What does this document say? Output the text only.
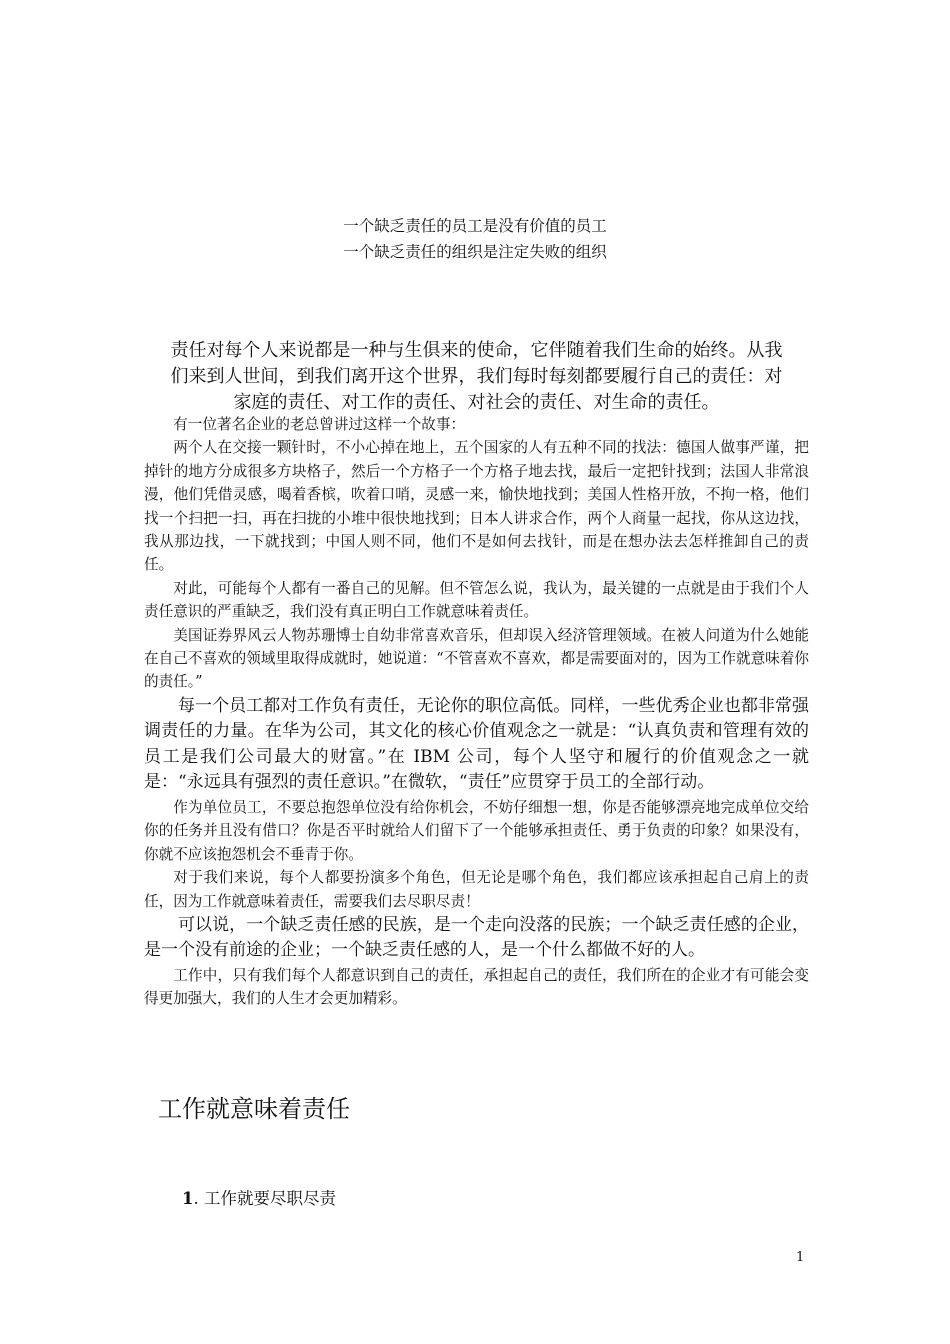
一个缺乏责任的员工是没有价值的员工
一个缺乏责任的组织是注定失败的组织
责任对每个人来说都是一种与生俱来的使命，它伴随着我们生命的始终。从我
们来到人世间，到我们离开这个世界，我们每时每刻都要履行自己的责任：对
家庭的责任、对工作的责任、对社会的责任、对生命的责任。

有一位著名企业的老总曾讲过这样一个故事：

两个人在交接一颗针时，不小心掉在地上，五个国家的人有五种不同的找法：德国人做事严谨，把掉针的地方分成很多方块格子，然后一个方格子一个方格子地去找，最后一定把针找到；法国人非常浪漫，他们凭借灵感，喝着香槟，吹着口哨，灵感一来，愉快地找到；美国人性格开放，不拘一格，他们找一个扫把一扫，再在扫拢的小堆中很快地找到；日本人讲求合作，两个人商量一起找，你从这边找，我从那边找，一下就找到；中国人则不同，他们不是如何去找针，而是在想办法去怎样推卸自己的责任。

对此，可能每个人都有一番自己的见解。但不管怎么说，我认为，最关键的一点就是由于我们个人责任意识的严重缺乏，我们没有真正明白工作就意味着责任。

美国证券界风云人物苏珊博士自幼非常喜欢音乐，但却误入经济管理领域。在被人问道为什么她能在自己不喜欢的领域里取得成就时，她说道：“不管喜欢不喜欢，都是需要面对的，因为工作就意味着你的责任。”

每一个员工都对工作负有责任，无论你的职位高低。同样，一些优秀企业也都非常强调责任的力量。在华为公司，其文化的核心价值观念之一就是：“认真负责和管理有效的员工是我们公司最大的财富。”在 IBM 公司，每个人坚守和履行的价值观念之一就是：“永远具有强烈的责任意识。”在微软，“责任”应贯穿于员工的全部行动。

作为单位员工，不要总抱怨单位没有给你机会，不妨仔细想一想，你是否能够漂亮地完成单位交给你的任务并且没有借口？你是否平时就给人们留下了一个能够承担责任、勇于负责的印象？如果没有，你就不应该抱怨机会不垂青于你。

对于我们来说，每个人都要扮演多个角色，但无论是哪个角色，我们都应该承担起自己肩上的责任，因为工作就意味着责任，需要我们去尽职尽责！

可以说，一个缺乏责任感的民族，是一个走向没落的民族；一个缺乏责任感的企业，是一个没有前途的企业；一个缺乏责任感的人，是一个什么都做不好的人。

工作中，只有我们每个人都意识到自己的责任，承担起自己的责任，我们所在的企业才有可能会变得更加强大，我们的人生才会更加精彩。

工作就意味着责任
1. 工作就要尽职尽责
1
